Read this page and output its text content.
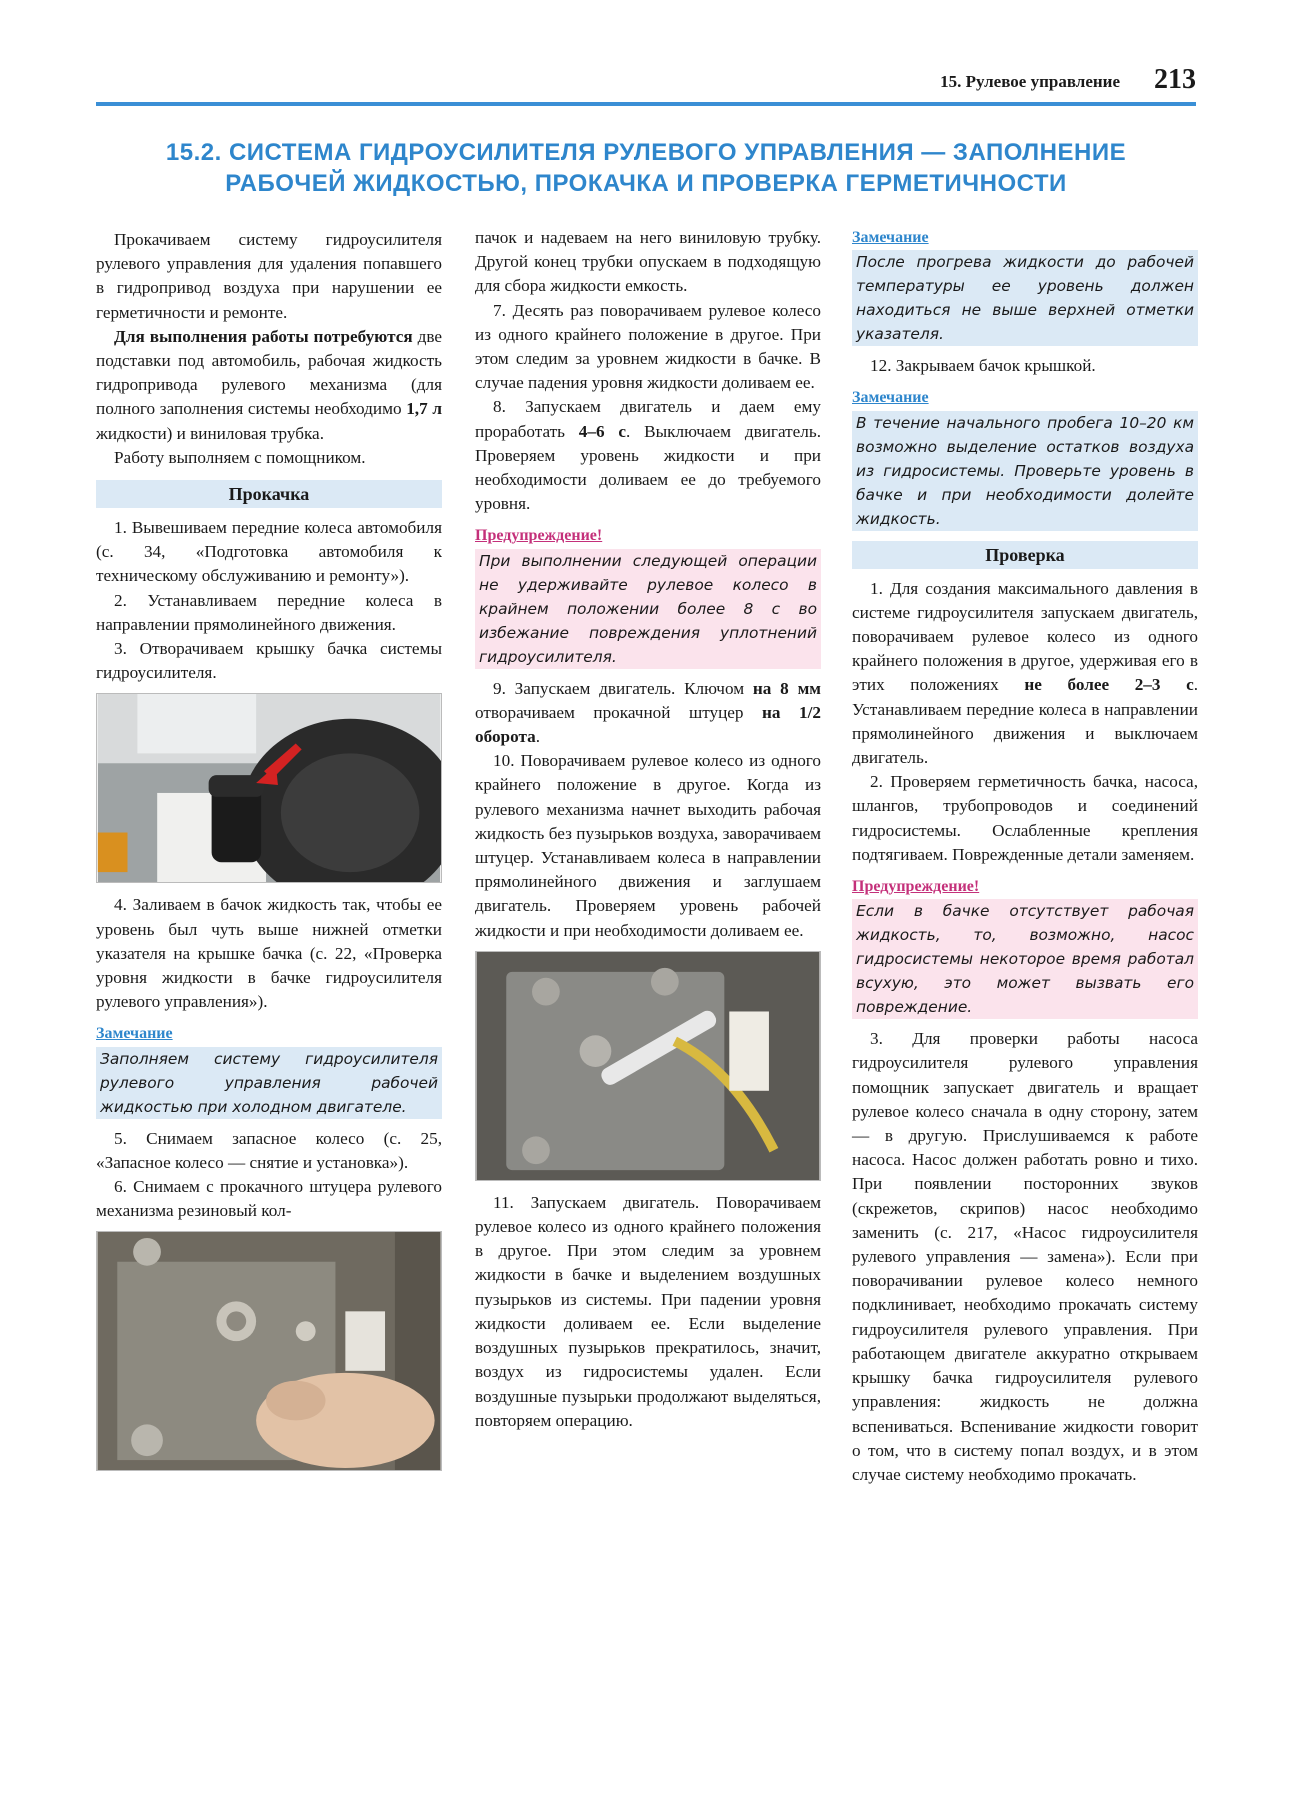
15. Рулевое управление 213
15.2. СИСТЕМА ГИДРОУСИЛИТЕЛЯ РУЛЕВОГО УПРАВЛЕНИЯ — ЗАПОЛНЕНИЕ
РАБОЧЕЙ ЖИДКОСТЬЮ, ПРОКАЧКА И ПРОВЕРКА ГЕРМЕТИЧНОСТИ

Прокачиваем систему гидроусилителя рулевого управления для удаления попавшего в гидропривод воздуха при нарушении ее герметичности и ремонте.

Для выполнения работы потребуются две подставки под автомобиль, рабочая жидкость гидропривода рулевого механизма (для полного заполнения системы необходимо 1,7 л жидкости) и виниловая трубка.

Работу выполняем с помощником.

Прокачка

1. Вывешиваем передние колеса автомобиля (с. 34, «Подготовка автомобиля к техническому обслуживанию и ремонту»).

2. Устанавливаем передние колеса в направлении прямолинейного движения.

3. Отворачиваем крышку бачка системы гидроусилителя.

4. Заливаем в бачок жидкость так, чтобы ее уровень был чуть выше нижней отметки указателя на крышке бачка (с. 22, «Проверка уровня жидкости в бачке гидроусилителя рулевого управления»).

Замечание
Заполняем систему гидроусилителя рулевого управления рабочей жидкостью при холодном двигателе.

5. Снимаем запасное колесо (с. 25, «Запасное колесо — снятие и установка»).

6. Снимаем с прокачного штуцера рулевого механизма резиновый кол-

пачок и надеваем на него виниловую трубку. Другой конец трубки опускаем в подходящую для сбора жидкости емкость.

7. Десять раз поворачиваем рулевое колесо из одного крайнего положение в другое. При этом следим за уровнем жидкости в бачке. В случае падения уровня жидкости доливаем ее.

8. Запускаем двигатель и даем ему проработать 4–6 с. Выключаем двигатель. Проверяем уровень жидкости и при необходимости доливаем ее до требуемого уровня.

Предупреждение!
При выполнении следующей операции не удерживайте рулевое колесо в крайнем положении более 8 с во избежание повреждения уплотнений гидроусилителя.

9. Запускаем двигатель. Ключом на 8 мм отворачиваем прокачной штуцер на 1/2 оборота.

10. Поворачиваем рулевое колесо из одного крайнего положение в другое. Когда из рулевого механизма начнет выходить рабочая жидкость без пузырьков воздуха, заворачиваем штуцер. Устанавливаем колеса в направлении прямолинейного движения и заглушаем двигатель. Проверяем уровень рабочей жидкости и при необходимости доливаем ее.

11. Запускаем двигатель. Поворачиваем рулевое колесо из одного крайнего положения в другое. При этом следим за уровнем жидкости в бачке и выделением воздушных пузырьков из системы. При падении уровня жидкости доливаем ее. Если выделение воздушных пузырьков прекратилось, значит, воздух из гидросистемы удален. Если воздушные пузырьки продолжают выделяться, повторяем операцию.

Замечание
После прогрева жидкости до рабочей температуры ее уровень должен находиться не выше верхней отметки указателя.

12. Закрываем бачок крышкой.

Замечание
В течение начального пробега 10–20 км возможно выделение остатков воздуха из гидросистемы. Проверьте уровень в бачке и при необходимости долейте жидкость.
Проверка

1. Для создания максимального давления в системе гидроусилителя запускаем двигатель, поворачиваем рулевое колесо из одного крайнего положения в другое, удерживая его в этих положениях не более 2–3 с. Устанавливаем передние колеса в направлении прямолинейного движения и выключаем двигатель.

2. Проверяем герметичность бачка, насоса, шлангов, трубопроводов и соединений гидросистемы. Ослабленные крепления подтягиваем. Поврежденные детали заменяем.

Предупреждение!
Если в бачке отсутствует рабочая жидкость, то, возможно, насос гидросистемы некоторое время работал всухую, это может вызвать его повреждение.

3. Для проверки работы насоса гидроусилителя рулевого управления помощник запускает двигатель и вращает рулевое колесо сначала в одну сторону, затем — в другую. Прислушиваемся к работе насоса. Насос должен работать ровно и тихо. При появлении посторонних звуков (скрежетов, скрипов) насос необходимо заменить (с. 217, «Насос гидроусилителя рулевого управления — замена»). Если при поворачивании рулевое колесо немного подклинивает, необходимо прокачать систему гидроусилителя рулевого управления. При работающем двигателе аккуратно открываем крышку бачка гидроусилителя рулевого управления: жидкость не должна вспениваться. Вспенивание жидкости говорит о том, что в систему попал воздух, и в этом случае систему необходимо прокачать.
